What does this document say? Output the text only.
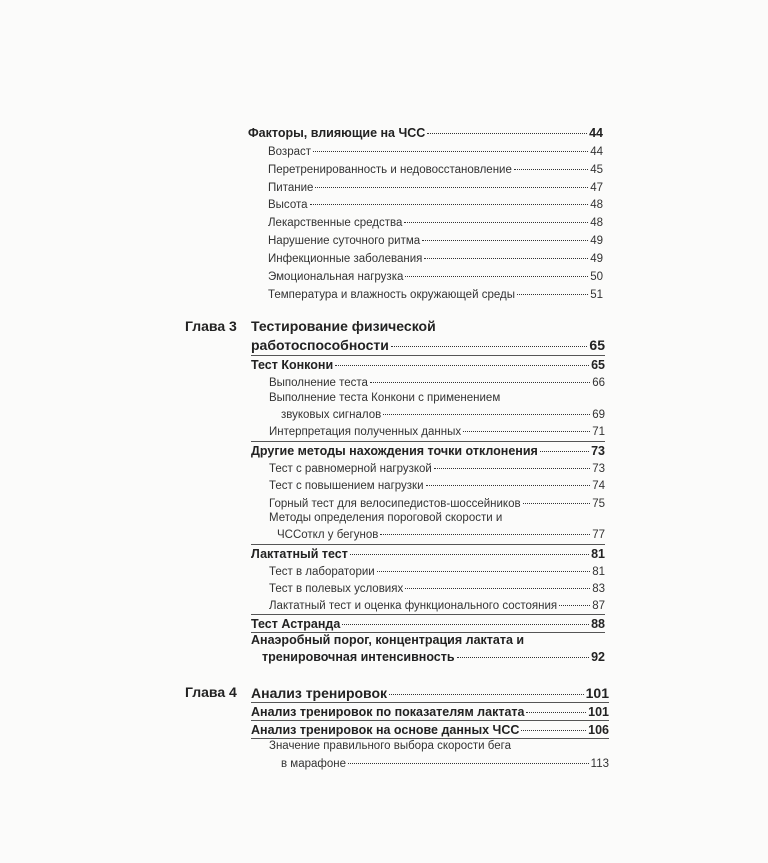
Факторы, влияющие на ЧСС	44
Возраст	44
Перетренированность и недовосстановление	45
Питание	47
Высота	48
Лекарственные средства	48
Нарушение суточного ритма	49
Инфекционные заболевания	49
Эмоциональная нагрузка	50
Температура и влажность окружающей среды	51
Глава 3 Тестирование физической
работоспособности	65
Тест Конкони	65
Выполнение теста	66
Выполнение теста Конкони с применением
звуковых сигналов	69
Интерпретация полученных данных	71
Другие методы нахождения точки отклонения	73
Тест с равномерной нагрузкой	73
Тест с повышением нагрузки	74
Горный тест для велосипедистов-шоссейников	75
Методы определения пороговой скорости и
ЧССоткл у бегунов	77
Лактатный тест	81
Тест в лаборатории	81
Тест в полевых условиях	83
Лактатный тест и оценка функционального состояния	87
Тест Астранда	88
Анаэробный порог, концентрация лактата и
тренировочная интенсивность	92
Глава 4 Анализ тренировок	101
Анализ тренировок по показателям лактата	101
Анализ тренировок на основе данных ЧСС	106
Значение правильного выбора скорости бега
в марафоне	113
